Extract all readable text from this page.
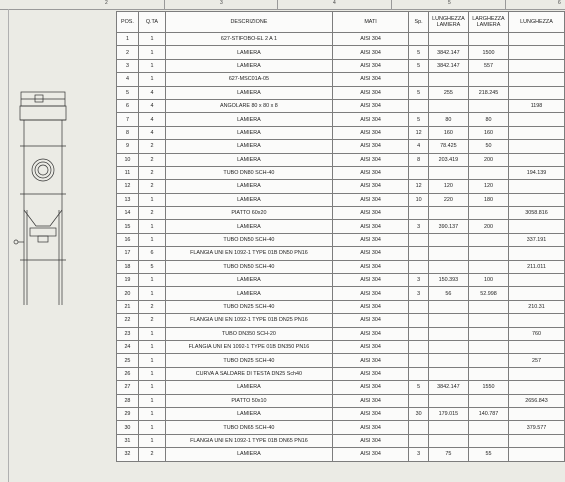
2	3	4	5	6
POS.	Q.TA	DESCRIZIONE	MATI	Sp.	LUNGHEZZA LAMIERA	LARGHEZZA LAMIERA	LUNGHEZZA
1	1	627-STIFOBO-EL 2 A 1	AISI 304				
2	1	LAMIERA	AISI 304	5	3842.147	1500	
3	1	LAMIERA	AISI 304	5	3842.147	557	
4	1	627-MSC01A-05	AISI 304				
5	4	LAMIERA	AISI 304	5	255	218.245	
6	4	ANGOLARE 80 x 80 x 8	AISI 304				1198
7	4	LAMIERA	AISI 304	5	80	80	
8	4	LAMIERA	AISI 304	12	160	160	
9	2	LAMIERA	AISI 304	4	78.425	50	
10	2	LAMIERA	AISI 304	8	203.419	200	
11	2	TUBO DN80 SCH-40	AISI 304				194.139
12	2	LAMIERA	AISI 304	12	120	120	
13	1	LAMIERA	AISI 304	10	220	180	
14	2	PIATTO 60x20	AISI 304				3058.816
15	1	LAMIERA	AISI 304	3	390.137	200	
16	1	TUBO DN50 SCH-40	AISI 304				337.191
17	6	FLANGIA UNI EN 1092-1 TYPE 01B DN50 PN16	AISI 304				
18	5	TUBO DN50 SCH-40	AISI 304				211.011
19	1	LAMIERA	AISI 304	3	150.393	100	
20	1	LAMIERA	AISI 304	3	56	52.998	
21	2	TUBO DN25 SCH-40	AISI 304				210.31
22	2	FLANGIA UNI EN 1092-1 TYPE 01B DN25 PN16	AISI 304				
23	1	TUBO DN350 SCH-20	AISI 304				760
24	1	FLANGIA UNI EN 1092-1 TYPE 01B DN350 PN16	AISI 304				
25	1	TUBO DN25 SCH-40	AISI 304				257
26	1	CURVA A SALDARE DI TESTA DN25 Sch40	AISI 304				
27	1	LAMIERA	AISI 304	5	3842.147	1550	
28	1	PIATTO 50x10	AISI 304				2656.843
29	1	LAMIERA	AISI 304	30	179.015	140.787	
30	1	TUBO DN65 SCH-40	AISI 304				379.577
31	1	FLANGIA UNI EN 1092-1 TYPE 01B DN65 PN16	AISI 304				
32	2	LAMIERA	AISI 304	3	75	55	
